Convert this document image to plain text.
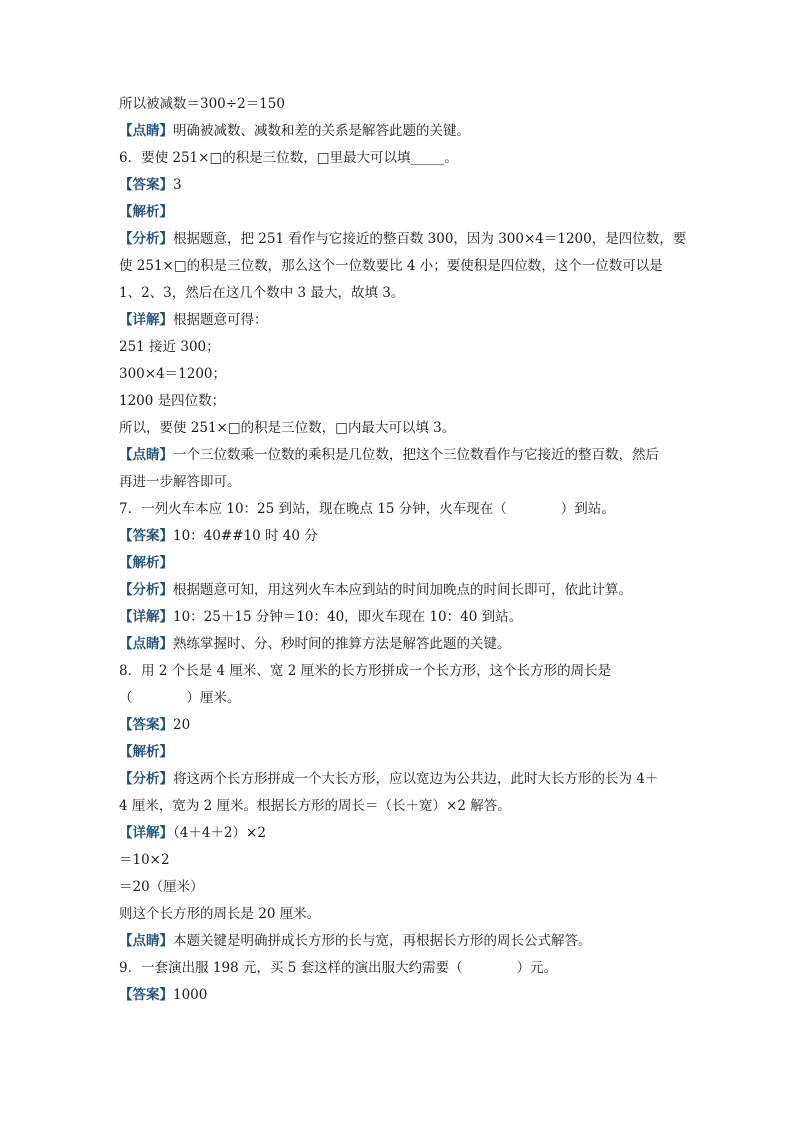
所以被减数＝300÷2＝150
【点睛】明确被减数、减数和差的关系是解答此题的关键。
6．要使 251×□的积是三位数，□里最大可以填_____。
【答案】3
【解析】
【分析】根据题意，把 251 看作与它接近的整百数 300，因为 300×4＝1200，是四位数，要
使 251×□的积是三位数，那么这个一位数要比 4 小；要使积是四位数，这个一位数可以是
1、2、3，然后在这几个数中 3 最大，故填 3。
【详解】根据题意可得：
251 接近 300；
300×4＝1200；
1200 是四位数；
所以，要使 251×□的积是三位数，□内最大可以填 3。
【点睛】一个三位数乘一位数的乘积是几位数，把这个三位数看作与它接近的整百数，然后
再进一步解答即可。
7．一列火车本应 10：25 到站，现在晚点 15 分钟，火车现在（　　　　）到站。
【答案】10：40##10 时 40 分
【解析】
【分析】根据题意可知，用这列火车本应到站的时间加晚点的时间长即可，依此计算。
【详解】10：25＋15 分钟＝10：40，即火车现在 10：40 到站。
【点睛】熟练掌握时、分、秒时间的推算方法是解答此题的关键。
8．用 2 个长是 4 厘米、宽 2 厘米的长方形拼成一个长方形，这个长方形的周长是
（　　　　）厘米。
【答案】20
【解析】
【分析】将这两个长方形拼成一个大长方形，应以宽边为公共边，此时大长方形的长为 4＋
4 厘米，宽为 2 厘米。根据长方形的周长＝（长＋宽）×2 解答。
【详解】（4＋4＋2）×2
＝10×2
＝20（厘米）
则这个长方形的周长是 20 厘米。
【点睛】本题关键是明确拼成长方形的长与宽，再根据长方形的周长公式解答。
9．一套演出服 198 元，买 5 套这样的演出服大约需要（　　　　）元。
【答案】1000
